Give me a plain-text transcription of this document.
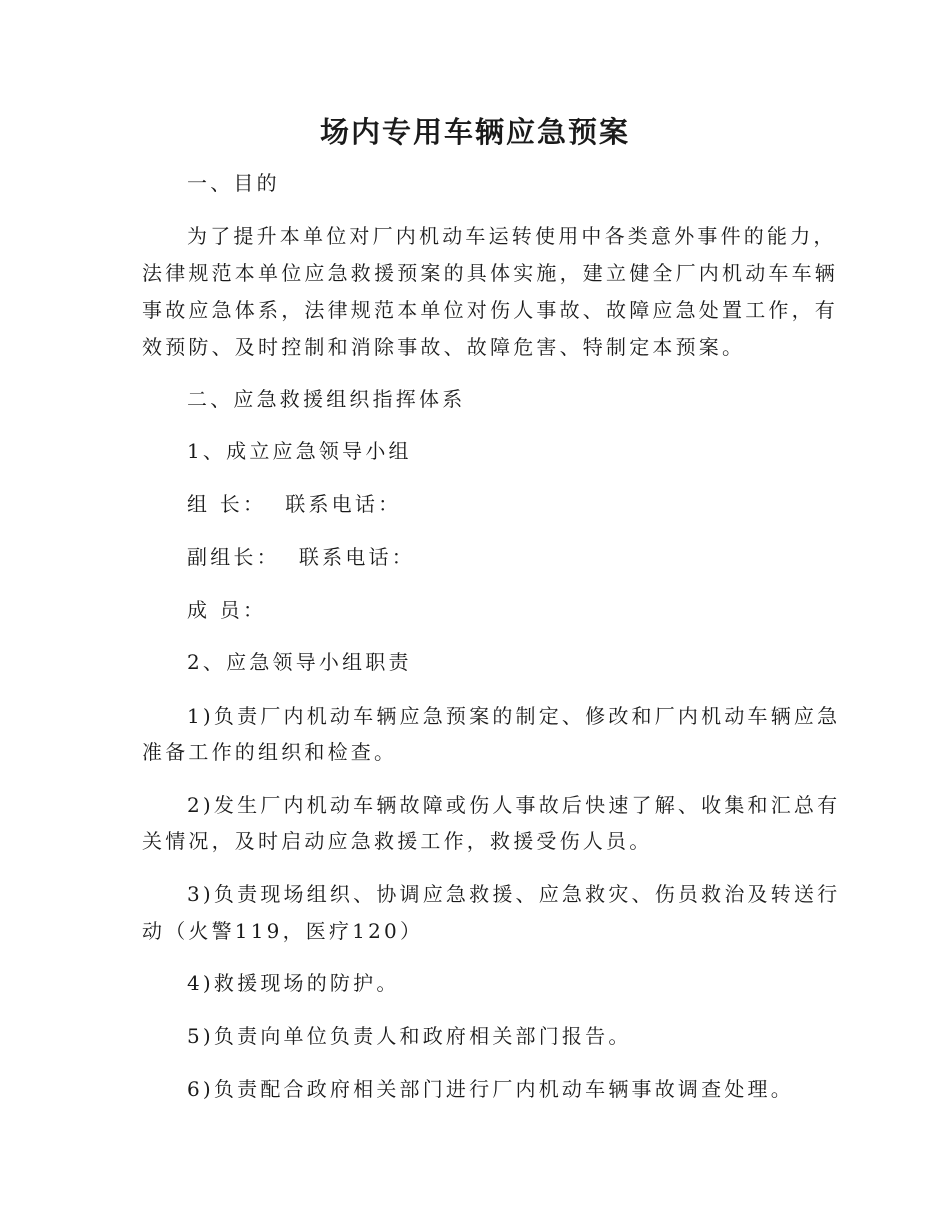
场内专用车辆应急预案
一、目的
为了提升本单位对厂内机动车运转使用中各类意外事件的能力，
法律规范本单位应急救援预案的具体实施，建立健全厂内机动车车辆
事故应急体系，法律规范本单位对伤人事故、故障应急处置工作，有
效预防、及时控制和消除事故、故障危害、特制定本预案。
二、应急救援组织指挥体系
1、成立应急领导小组
组 长：  联系电话：
副组长：  联系电话：
成 员：
2、应急领导小组职责
1)负责厂内机动车辆应急预案的制定、修改和厂内机动车辆应急
准备工作的组织和检查。
2)发生厂内机动车辆故障或伤人事故后快速了解、收集和汇总有
关情况，及时启动应急救援工作，救援受伤人员。
3)负责现场组织、协调应急救援、应急救灾、伤员救治及转送行
动（火警119，医疗120）
4)救援现场的防护。
5)负责向单位负责人和政府相关部门报告。
6)负责配合政府相关部门进行厂内机动车辆事故调查处理。
